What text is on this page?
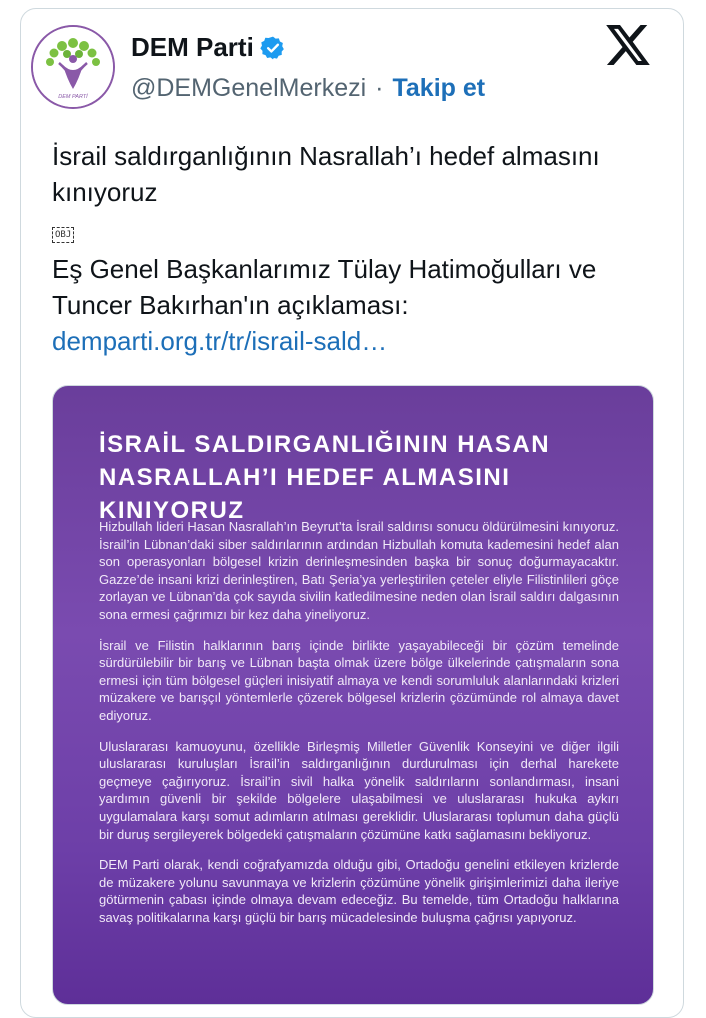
DEM PARTİ
DEM Parti
@DEMGenelMerkezi · Takip et

İsrail saldırganlığının Nasrallah’ı hedef almasını kınıyoruz

OBJ

Eş Genel Başkanlarımız Tülay Hatimoğulları ve Tuncer Bakırhan'ın açıklaması:

demparti.org.tr/tr/israil-sald…

İSRAİL SALDIRGANLIĞININ HASAN NASRALLAH’I HEDEF ALMASINI KINIYORUZ

Hizbullah lideri Hasan Nasrallah’ın Beyrut’ta İsrail saldırısı sonucu öldürülmesini kınıyoruz. İsrail’in Lübnan’daki siber saldırılarının ardından Hizbullah komuta kademesini hedef alan son operasyonları bölgesel krizin derinleşmesinden başka bir sonuç doğurmayacaktır. Gazze’de insani krizi derinleştiren, Batı Şeria’ya yerleştirilen çeteler eliyle Filistinlileri göçe zorlayan ve Lübnan’da çok sayıda sivilin katledilmesine neden olan İsrail saldırı dalgasının sona ermesi çağrımızı bir kez daha yineliyoruz.

İsrail ve Filistin halklarının barış içinde birlikte yaşayabileceği bir çözüm temelinde sürdürülebilir bir barış ve Lübnan başta olmak üzere bölge ülkelerinde çatışmaların sona ermesi için tüm bölgesel güçleri inisiyatif almaya ve kendi sorumluluk alanlarındaki krizleri müzakere ve barışçıl yöntemlerle çözerek bölgesel krizlerin çözümünde rol almaya davet ediyoruz.

Uluslararası kamuoyunu, özellikle Birleşmiş Milletler Güvenlik Konseyini ve diğer ilgili uluslararası kuruluşları İsrail’in saldırganlığının durdurulması için derhal harekete geçmeye çağırıyoruz. İsrail’in sivil halka yönelik saldırılarını sonlandırması, insani yardımın güvenli bir şekilde bölgelere ulaşabilmesi ve uluslararası hukuka aykırı uygulamalara karşı somut adımların atılması gereklidir. Uluslararası toplumun daha güçlü bir duruş sergileyerek bölgedeki çatışmaların çözümüne katkı sağlamasını bekliyoruz.

DEM Parti olarak, kendi coğrafyamızda olduğu gibi, Ortadoğu genelini etkileyen krizlerde de müzakere yolunu savunmaya ve krizlerin çözümüne yönelik girişimlerimizi daha ileriye götürmenin çabası içinde olmaya devam edeceğiz. Bu temelde, tüm Ortadoğu halklarına savaş politikalarına karşı güçlü bir barış mücadelesinde buluşma çağrısı yapıyoruz.
